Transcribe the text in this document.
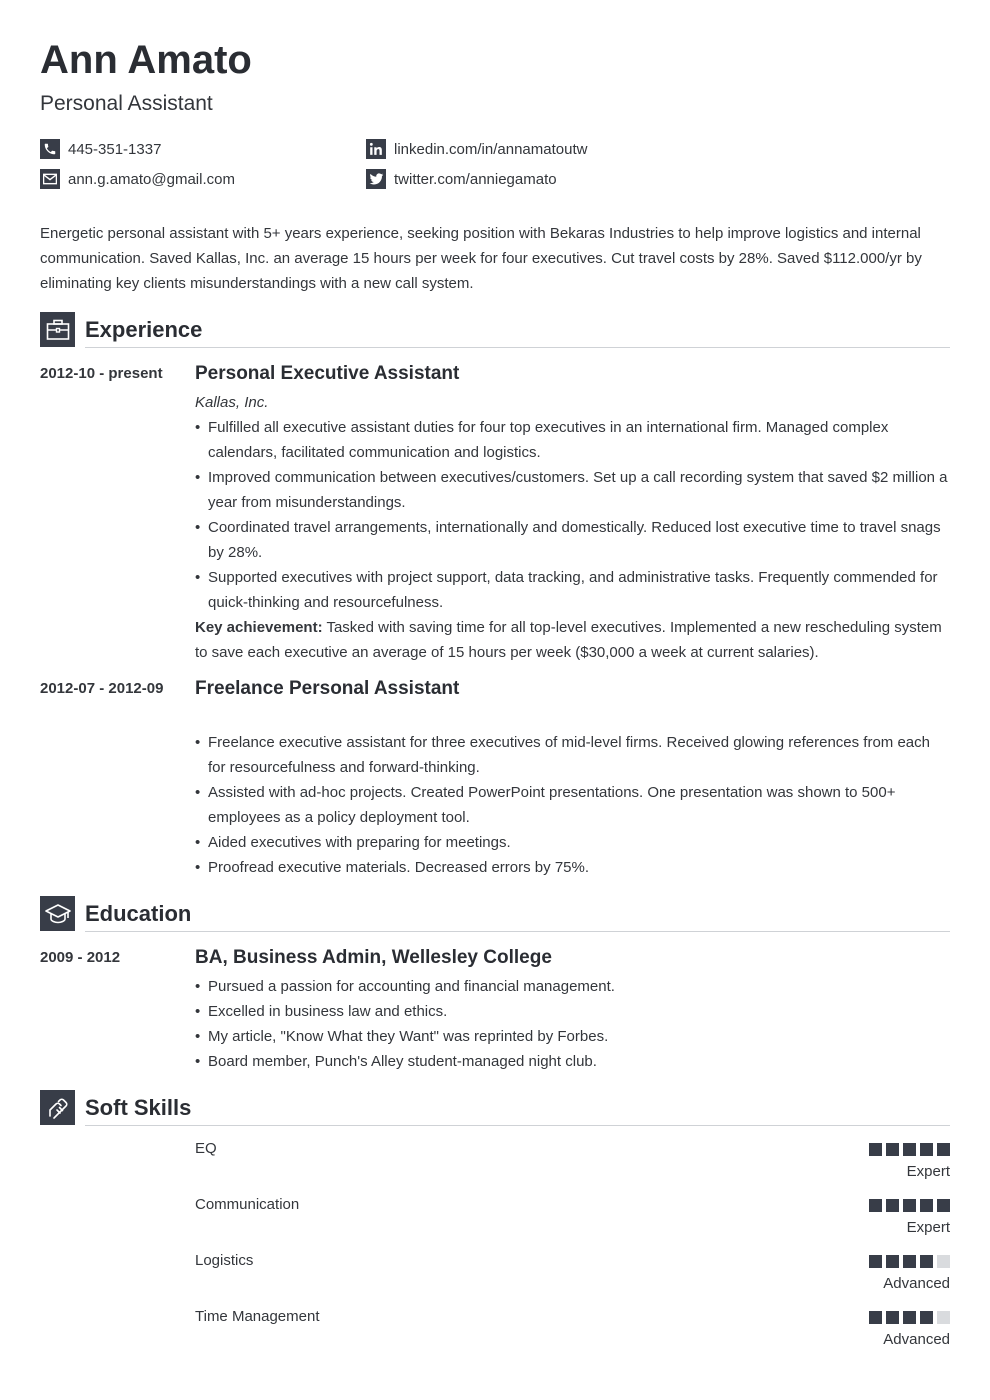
Ann Amato
Personal Assistant
445-351-1337
ann.g.amato@gmail.com
linkedin.com/in/annamatoutw
twitter.com/anniegamato

Energetic personal assistant with 5+ years experience, seeking position with Bekaras Industries to help improve logistics and internal communication. Saved Kallas, Inc. an average 15 hours per week for four executives. Cut travel costs by 28%. Saved $112.000/yr by eliminating key clients misunderstandings with a new call system.

Experience
2012-10 - present Personal Executive Assistant
Kallas, Inc.
• Fulfilled all executive assistant duties for four top executives in an international firm. Managed complex calendars, facilitated communication and logistics.
• Improved communication between executives/customers. Set up a call recording system that saved $2 million a year from misunderstandings.
• Coordinated travel arrangements, internationally and domestically. Reduced lost executive time to travel snags by 28%.
• Supported executives with project support, data tracking, and administrative tasks. Frequently commended for quick-thinking and resourcefulness.

Key achievement: Tasked with saving time for all top-level executives. Implemented a new rescheduling system to save each executive an average of 15 hours per week ($30,000 a week at current salaries).

2012-07 - 2012-09 Freelance Personal Assistant
• Freelance executive assistant for three executives of mid-level firms. Received glowing references from each for resourcefulness and forward-thinking.
• Assisted with ad-hoc projects. Created PowerPoint presentations. One presentation was shown to 500+ employees as a policy deployment tool.
• Aided executives with preparing for meetings.
• Proofread executive materials. Decreased errors by 75%.
Education
2009 - 2012	BA, Business Admin, Wellesley College
• Pursued a passion for accounting and financial management.
• Excelled in business law and ethics.
• My article, "Know What they Want" was reprinted by Forbes.
• Board member, Punch's Alley student-managed night club.
Soft Skills
EQ
Expert
Communication
Expert
Logistics
Advanced
Time Management
Advanced
